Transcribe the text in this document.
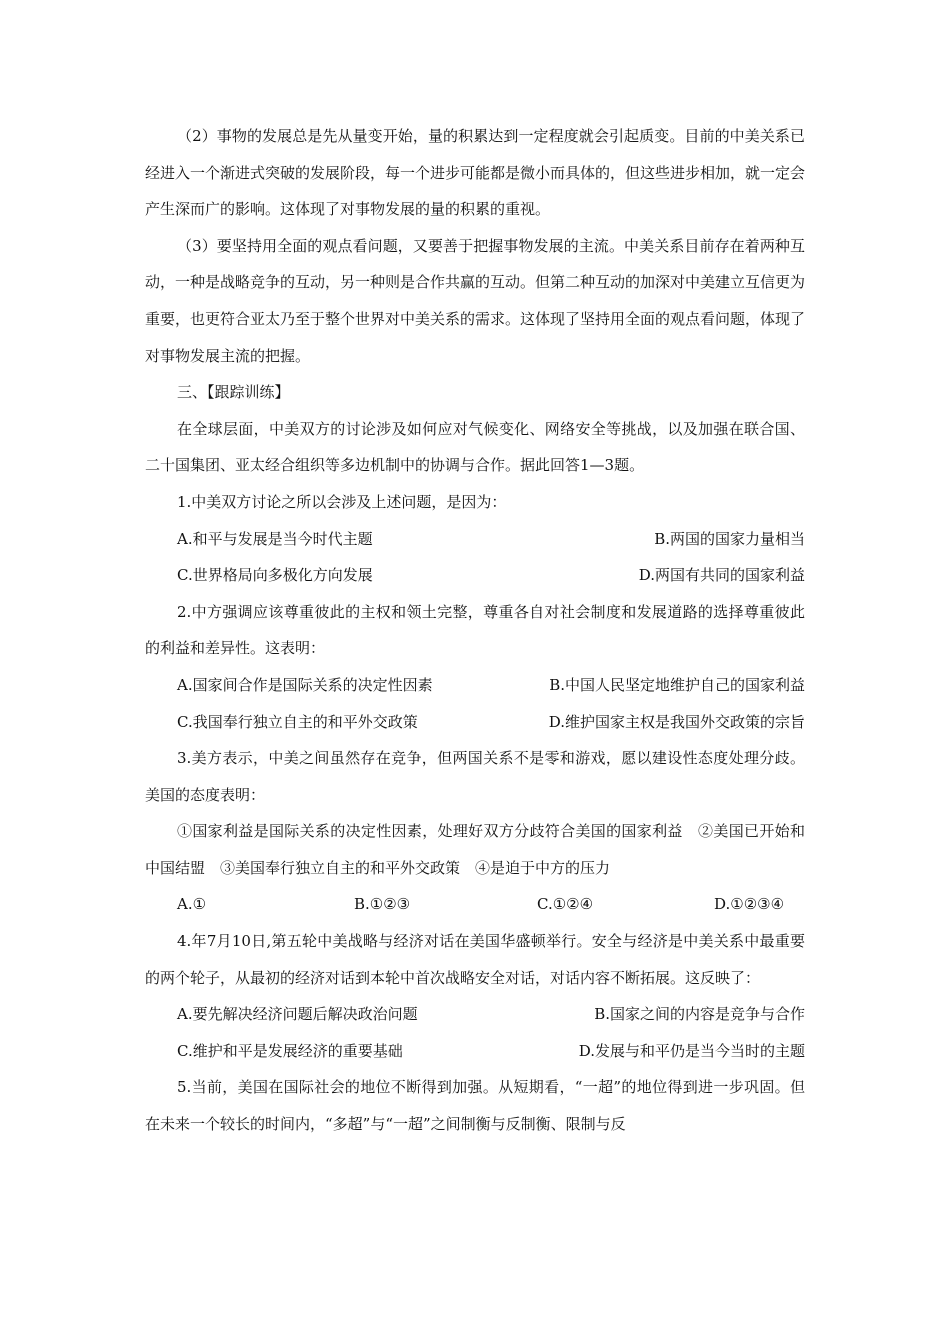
（2）事物的发展总是先从量变开始，量的积累达到一定程度就会引起质变。目前的中美关系已经进入一个渐进式突破的发展阶段，每一个进步可能都是微小而具体的，但这些进步相加，就一定会产生深而广的影响。这体现了对事物发展的量的积累的重视。

（3）要坚持用全面的观点看问题，又要善于把握事物发展的主流。中美关系目前存在着两种互动，一种是战略竞争的互动，另一种则是合作共赢的互动。但第二种互动的加深对中美建立互信更为重要，也更符合亚太乃至于整个世界对中美关系的需求。这体现了坚持用全面的观点看问题，体现了对事物发展主流的把握。

三、【跟踪训练】

在全球层面，中美双方的讨论涉及如何应对气候变化、网络安全等挑战，以及加强在联合国、二十国集团、亚太经合组织等多边机制中的协调与合作。据此回答1—3题。

1.中美双方讨论之所以会涉及上述问题，是因为：

A.和平与发展是当今时代主题	B.两国的国家力量相当
C.世界格局向多极化方向发展	D.两国有共同的国家利益

2.中方强调应该尊重彼此的主权和领土完整，尊重各自对社会制度和发展道路的选择尊重彼此的利益和差异性。这表明：

A.国家间合作是国际关系的决定性因素	B.中国人民坚定地维护自己的国家利益
C.我国奉行独立自主的和平外交政策	D.维护国家主权是我国外交政策的宗旨

3.美方表示，中美之间虽然存在竞争，但两国关系不是零和游戏，愿以建设性态度处理分歧。美国的态度表明：

①国家利益是国际关系的决定性因素，处理好双方分歧符合美国的国家利益　②美国已开始和中国结盟　③美国奉行独立自主的和平外交政策　④是迫于中方的压力

A.①	B.①②③	C.①②④	D.①②③④

4.年7月10日,第五轮中美战略与经济对话在美国华盛顿举行。安全与经济是中美关系中最重要的两个轮子，从最初的经济对话到本轮中首次战略安全对话，对话内容不断拓展。这反映了：

A.要先解决经济问题后解决政治问题	B.国家之间的内容是竞争与合作
C.维护和平是发展经济的重要基础	D.发展与和平仍是当今当时的主题

5.当前，美国在国际社会的地位不断得到加强。从短期看，“一超”的地位得到进一步巩固。但在未来一个较长的时间内，“多超”与“一超”之间制衡与反制衡、限制与反
